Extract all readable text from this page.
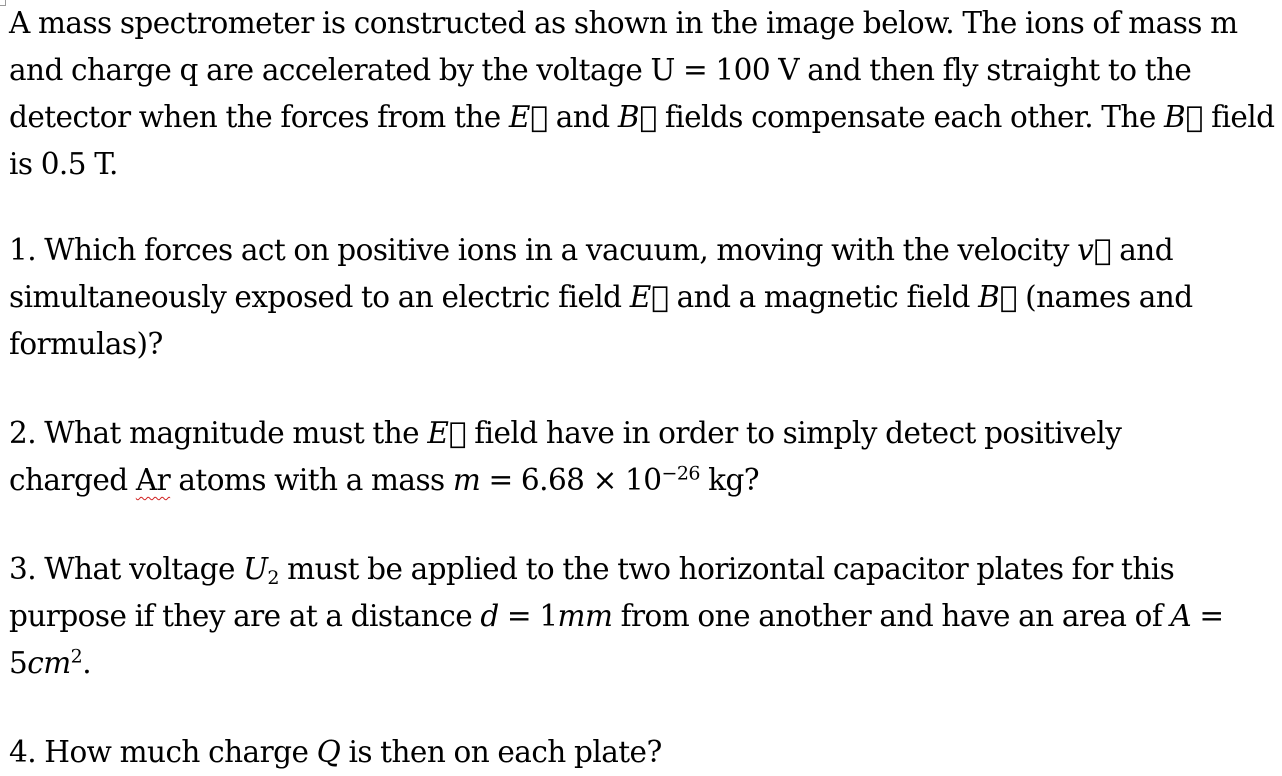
A mass spectrometer is constructed as shown in the image below. The ions of mass m
and charge q are accelerated by the voltage U = 100 V and then fly straight to the
detector when the forces from the E⃗ and B⃗ fields compensate each other. The B⃗ field
is 0.5 T.
1. Which forces act on positive ions in a vacuum, moving with the velocity v⃗ and
simultaneously exposed to an electric field E⃗ and a magnetic field B⃗ (names and
formulas)?
2. What magnitude must the E⃗ field have in order to simply detect positively
charged Ar atoms with a mass $m = 6.68 \times 10^{-26}$ kg?
3. What voltage $U_2$ must be applied to the two horizontal capacitor plates for this
purpose if they are at a distance d = 1mm from one another and have an area of A =
$5cm^2$.
4. How much charge Q is then on each plate?
